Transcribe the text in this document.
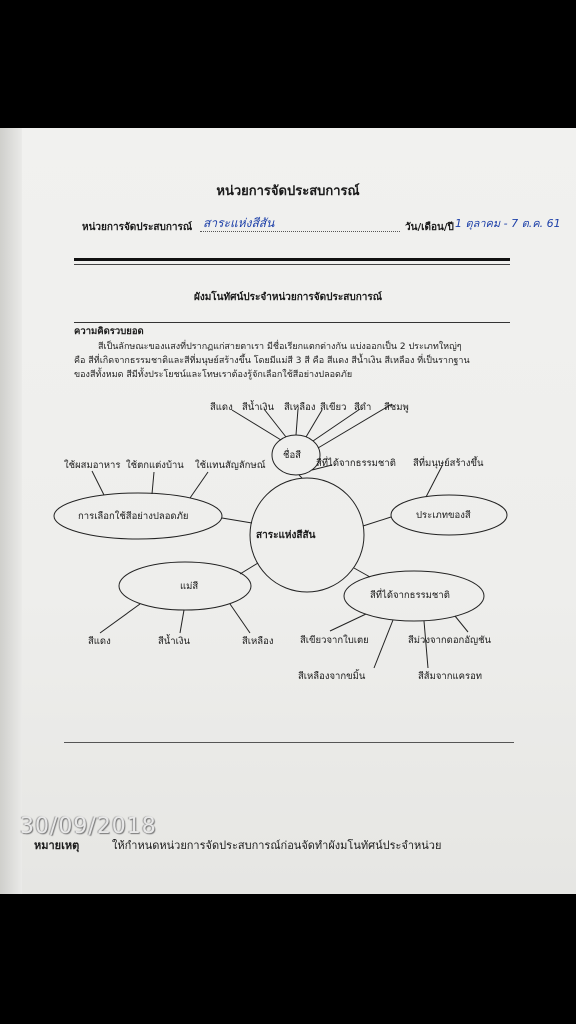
หน่วยการจัดประสบการณ์
หน่วยการจัดประสบการณ์ สาระแห่งสีสัน	วัน/เดือน/ปี 1 ตุลาคม - 7 ต.ค. 61
ผังมโนทัศน์ประจำหน่วยการจัดประสบการณ์
ความคิดรวบยอด
สีเป็นลักษณะของแสงที่ปรากฏแก่สายตาเรา มีชื่อเรียกแตกต่างกัน แบ่งออกเป็น 2 ประเภทใหญ่ๆ
คือ สีที่เกิดจากธรรมชาติและสีที่มนุษย์สร้างขึ้น โดยมีแม่สี 3 สี คือ สีแดง สีน้ำเงิน สีเหลือง ที่เป็นรากฐาน
ของสีทั้งหมด สีมีทั้งประโยชน์และโทษเราต้องรู้จักเลือกใช้สีอย่างปลอดภัย
สาระแห่งสีสัน
ชื่อสี
สีแดง สีน้ำเงิน สีเหลือง สีเขียว สีดำ สีชมพู
ประเภทของสี
สีที่ได้จากธรรมชาติ สีที่มนุษย์สร้างขึ้น
การเลือกใช้สีอย่างปลอดภัย
ใช้ผสมอาหาร ใช้ตกแต่งบ้าน ใช้แทนสัญลักษณ์
แม่สี
สีแดง	สีน้ำเงิน	สีเหลือง
สีที่ได้จากธรรมชาติ
สีเขียวจากใบเตย	สีม่วงจากดอกอัญชัน
สีเหลืองจากขมิ้น	สีส้มจากแครอท
หมายเหตุ	ให้กำหนดหน่วยการจัดประสบการณ์ก่อนจัดทำผังมโนทัศน์ประจำหน่วย
30/09/2018
